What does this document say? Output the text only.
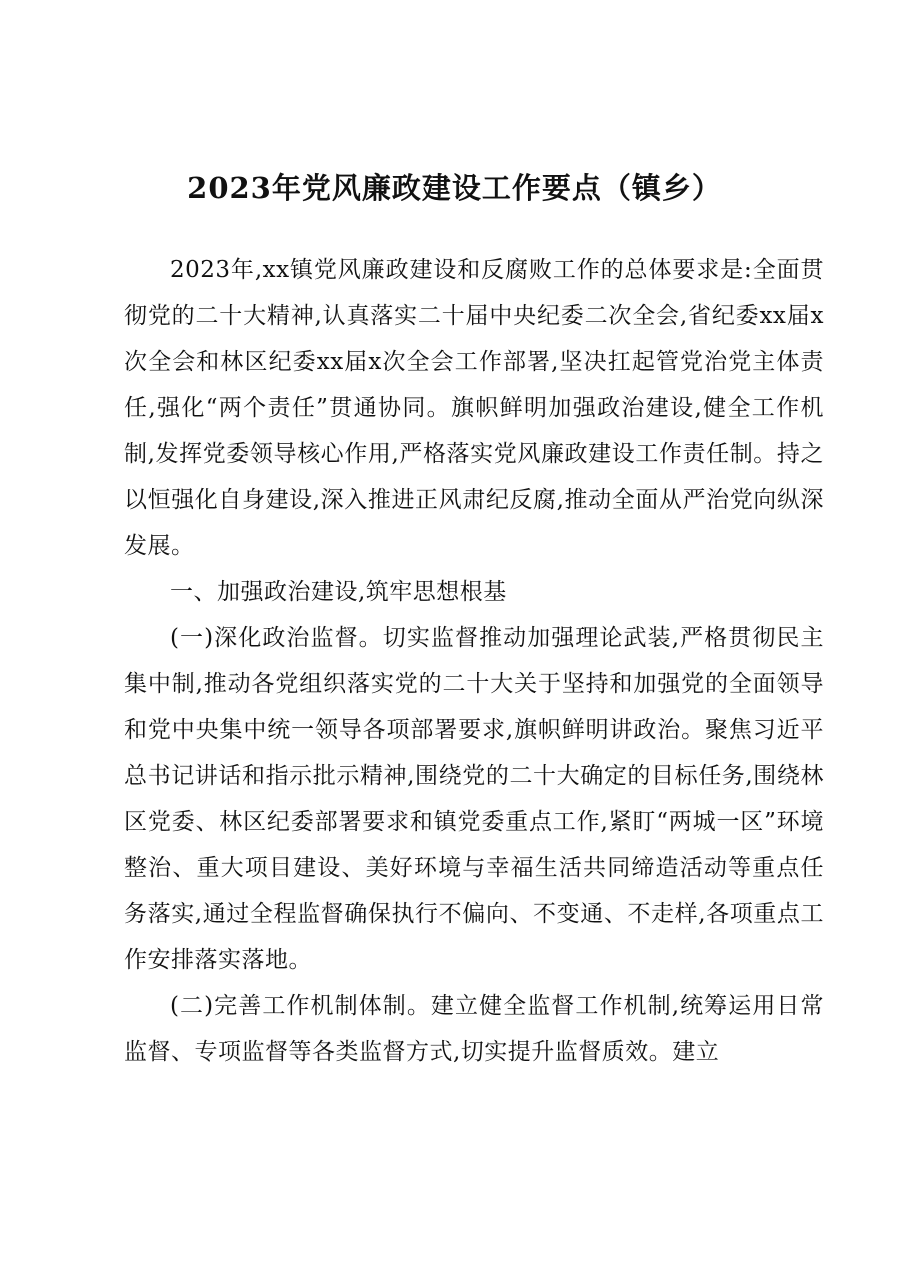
2023年党风廉政建设工作要点（镇乡）

2023年,xx镇党风廉政建设和反腐败工作的总体要求是:全面贯彻党的二十大精神,认真落实二十届中央纪委二次全会,省纪委xx届x次全会和林区纪委xx届x次全会工作部署,坚决扛起管党治党主体责任,强化“两个责任”贯通协同。旗帜鲜明加强政治建设,健全工作机制,发挥党委领导核心作用,严格落实党风廉政建设工作责任制。持之以恒强化自身建设,深入推进正风肃纪反腐,推动全面从严治党向纵深发展。

一、加强政治建设,筑牢思想根基

(一)深化政治监督。切实监督推动加强理论武装,严格贯彻民主集中制,推动各党组织落实党的二十大关于坚持和加强党的全面领导和党中央集中统一领导各项部署要求,旗帜鲜明讲政治。聚焦习近平总书记讲话和指示批示精神,围绕党的二十大确定的目标任务,围绕林区党委、林区纪委部署要求和镇党委重点工作,紧盯“两城一区”环境整治、重大项目建设、美好环境与幸福生活共同缔造活动等重点任务落实,通过全程监督确保执行不偏向、不变通、不走样,各项重点工作安排落实落地。

(二)完善工作机制体制。建立健全监督工作机制,统筹运用日常监督、专项监督等各类监督方式,切实提升监督质效。建立
